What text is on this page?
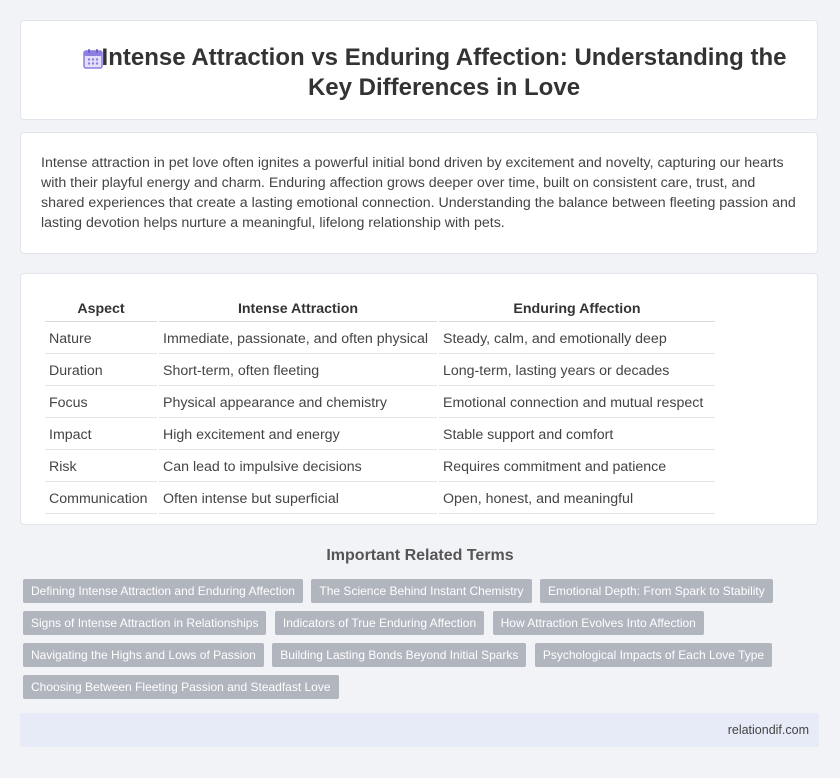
Intense Attraction vs Enduring Affection: Understanding the Key Differences in Love

Intense attraction in pet love often ignites a powerful initial bond driven by excitement and novelty, capturing our hearts with their playful energy and charm. Enduring affection grows deeper over time, built on consistent care, trust, and shared experiences that create a lasting emotional connection. Understanding the balance between fleeting passion and lasting devotion helps nurture a meaningful, lifelong relationship with pets.

Aspect	Intense Attraction	Enduring Affection
Nature	Immediate, passionate, and often physical	Steady, calm, and emotionally deep
Duration	Short-term, often fleeting	Long-term, lasting years or decades
Focus	Physical appearance and chemistry	Emotional connection and mutual respect
Impact	High excitement and energy	Stable support and comfort
Risk	Can lead to impulsive decisions	Requires commitment and patience
Communication	Often intense but superficial	Open, honest, and meaningful
Important Related Terms
Defining Intense Attraction and Enduring Affection The Science Behind Instant Chemistry Emotional Depth: From Spark to Stability Signs of Intense Attraction in Relationships Indicators of True Enduring Affection How Attraction Evolves Into Affection Navigating the Highs and Lows of Passion Building Lasting Bonds Beyond Initial Sparks Psychological Impacts of Each Love Type Choosing Between Fleeting Passion and Steadfast Love
relationdif.com
